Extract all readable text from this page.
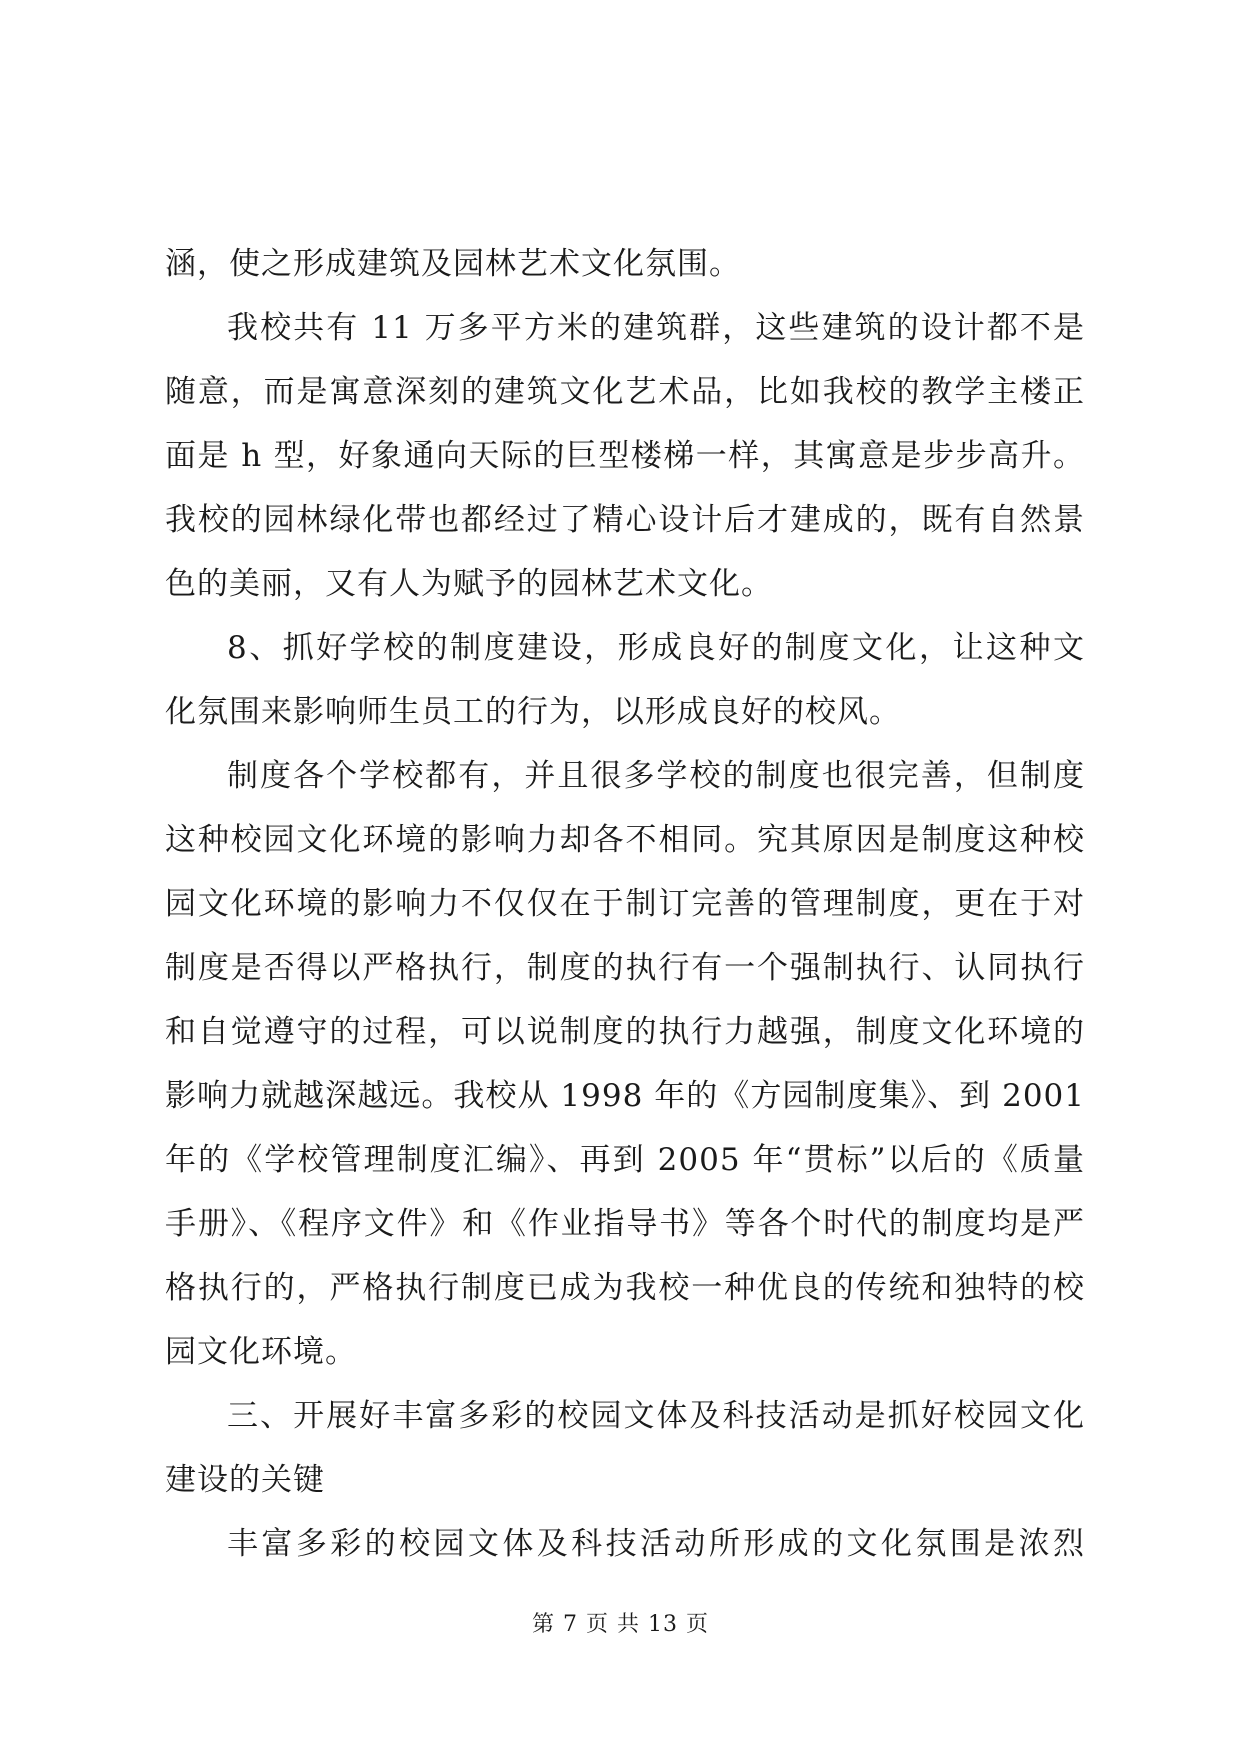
涵，使之形成建筑及园林艺术文化氛围。
我校共有 11 万多平方米的建筑群，这些建筑的设计都不是
随意，而是寓意深刻的建筑文化艺术品，比如我校的教学主楼正
面是 h 型，好象通向天际的巨型楼梯一样，其寓意是步步高升。
我校的园林绿化带也都经过了精心设计后才建成的，既有自然景
色的美丽，又有人为赋予的园林艺术文化。
8、抓好学校的制度建设，形成良好的制度文化，让这种文
化氛围来影响师生员工的行为，以形成良好的校风。
制度各个学校都有，并且很多学校的制度也很完善，但制度
这种校园文化环境的影响力却各不相同。究其原因是制度这种校
园文化环境的影响力不仅仅在于制订完善的管理制度，更在于对
制度是否得以严格执行，制度的执行有一个强制执行、认同执行
和自觉遵守的过程，可以说制度的执行力越强，制度文化环境的
影响力就越深越远。我校从 1998 年的《方园制度集》、到 2001
年的《学校管理制度汇编》、再到 2005 年“贯标”以后的《质量
手册》、《程序文件》和《作业指导书》等各个时代的制度均是严
格执行的，严格执行制度已成为我校一种优良的传统和独特的校
园文化环境。
三、开展好丰富多彩的校园文体及科技活动是抓好校园文化
建设的关键
丰富多彩的校园文体及科技活动所形成的文化氛围是浓烈
第 7 页 共 13 页
